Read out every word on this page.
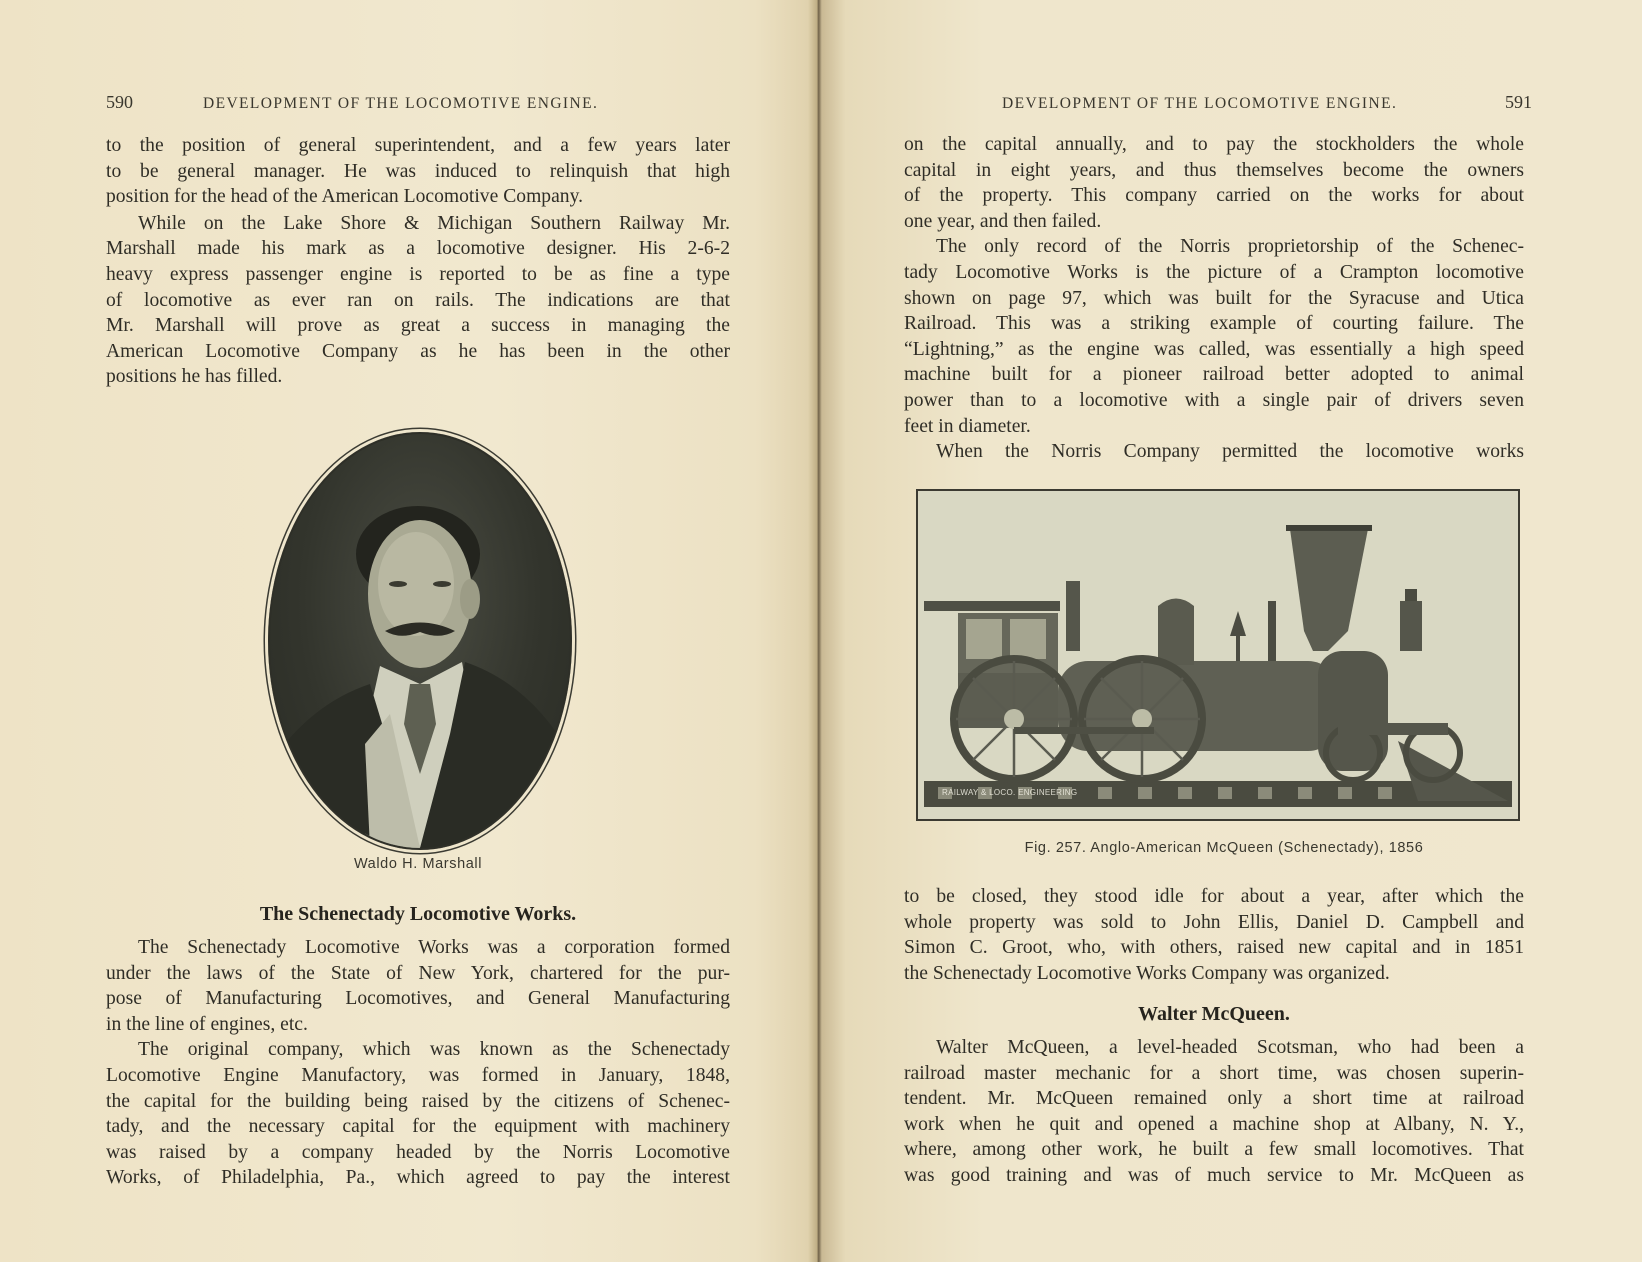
590	DEVELOPMENT OF THE LOCOMOTIVE ENGINE.

to the position of general superintendent, and a few years later
to be general manager. He was induced to relinquish that high
position for the head of the American Locomotive Company.

While on the Lake Shore & Michigan Southern Railway Mr.
Marshall made his mark as a locomotive designer. His 2-6-2
heavy express passenger engine is reported to be as fine a type
of locomotive as ever ran on rails. The indications are that
Mr. Marshall will prove as great a success in managing the
American Locomotive Company as he has been in the other
positions he has filled.

Waldo H. Marshall
The Schenectady Locomotive Works.

The Schenectady Locomotive Works was a corporation formed
under the laws of the State of New York, chartered for the pur-
pose of Manufacturing Locomotives, and General Manufacturing
in the line of engines, etc.

The original company, which was known as the Schenectady
Locomotive Engine Manufactory, was formed in January, 1848,
the capital for the building being raised by the citizens of Schenec-
tady, and the necessary capital for the equipment with machinery
was raised by a company headed by the Norris Locomotive
Works, of Philadelphia, Pa., which agreed to pay the interest

DEVELOPMENT OF THE LOCOMOTIVE ENGINE.	591

on the capital annually, and to pay the stockholders the whole
capital in eight years, and thus themselves become the owners
of the property. This company carried on the works for about
one year, and then failed.

The only record of the Norris proprietorship of the Schenec-
tady Locomotive Works is the picture of a Crampton locomotive
shown on page 97, which was built for the Syracuse and Utica
Railroad. This was a striking example of courting failure. The
“Lightning,” as the engine was called, was essentially a high speed
machine built for a pioneer railroad better adopted to animal
power than to a locomotive with a single pair of drivers seven
feet in diameter.

When the Norris Company permitted the locomotive works

RAILWAY & LOCO. ENGINEERING
Fig. 257. Anglo-American McQueen (Schenectady), 1856

to be closed, they stood idle for about a year, after which the
whole property was sold to John Ellis, Daniel D. Campbell and
Simon C. Groot, who, with others, raised new capital and in 1851
the Schenectady Locomotive Works Company was organized.

Walter McQueen.

Walter McQueen, a level-headed Scotsman, who had been a
railroad master mechanic for a short time, was chosen superin-
tendent. Mr. McQueen remained only a short time at railroad
work when he quit and opened a machine shop at Albany, N. Y.,
where, among other work, he built a few small locomotives. That
was good training and was of much service to Mr. McQueen as
